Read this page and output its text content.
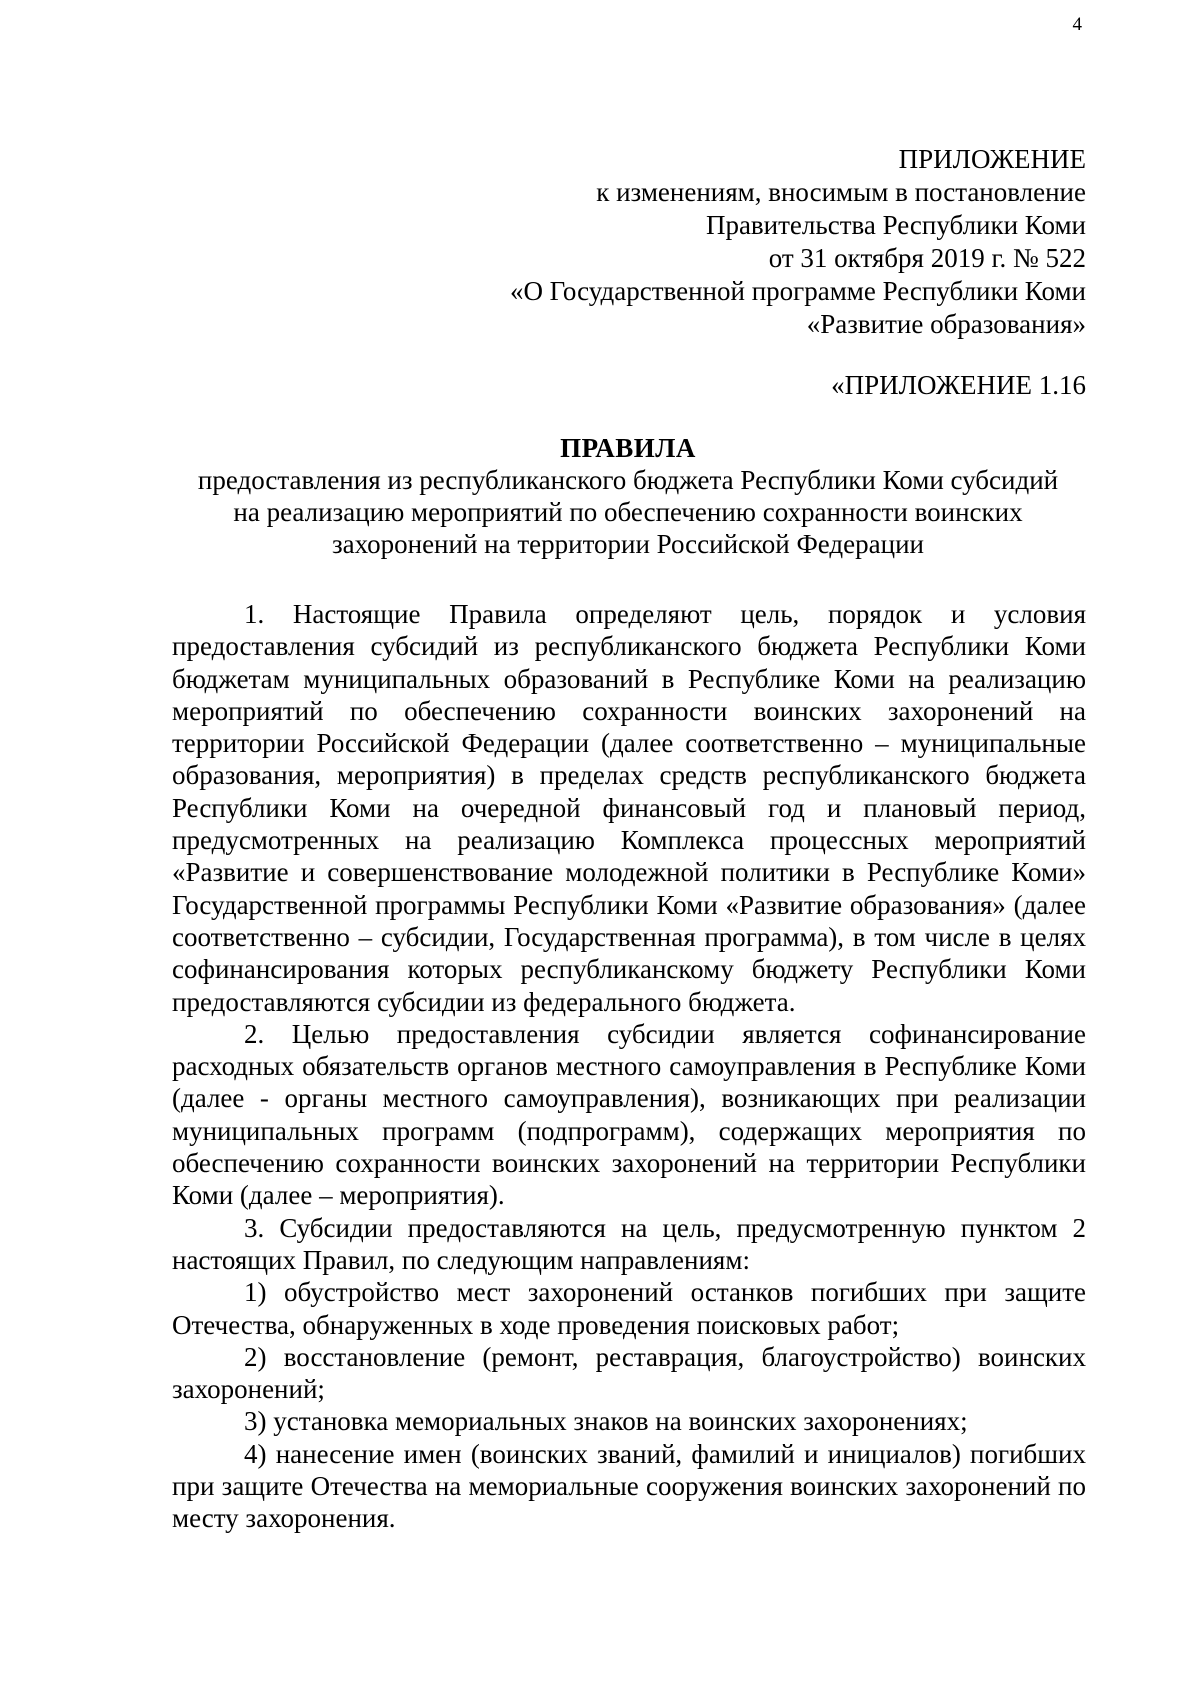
4
ПРИЛОЖЕНИЕ
к изменениям, вносимым в постановление
Правительства Республики Коми
от 31 октября 2019 г. № 522
«О Государственной программе Республики Коми
«Развитие образования»
«ПРИЛОЖЕНИЕ 1.16
ПРАВИЛА
предоставления из республиканского бюджета Республики Коми субсидий
на реализацию мероприятий по обеспечению сохранности воинских
захоронений на территории Российской Федерации

1. Настоящие Правила определяют цель, порядок и условия предоставления субсидий из республиканского бюджета Республики Коми бюджетам муниципальных образований в Республике Коми на реализацию мероприятий по обеспечению сохранности воинских захоронений на территории Российской Федерации (далее соответственно – муниципальные образования, мероприятия) в пределах средств республиканского бюджета Республики Коми на очередной финансовый год и плановый период, предусмотренных на реализацию Комплекса процессных мероприятий «Развитие и совершенствование молодежной политики в Республике Коми» Государственной программы Республики Коми «Развитие образования» (далее соответственно – субсидии, Государственная программа), в том числе в целях софинансирования которых республиканскому бюджету Республики Коми предоставляются субсидии из федерального бюджета.

2. Целью предоставления субсидии является софинансирование расходных обязательств органов местного самоуправления в Республике Коми (далее - органы местного самоуправления), возникающих при реализации муниципальных программ (подпрограмм), содержащих мероприятия по обеспечению сохранности воинских захоронений на территории Республики Коми (далее – мероприятия).

3. Субсидии предоставляются на цель, предусмотренную пунктом 2 настоящих Правил, по следующим направлениям:

1) обустройство мест захоронений останков погибших при защите Отечества, обнаруженных в ходе проведения поисковых работ;

2) восстановление (ремонт, реставрация, благоустройство) воинских захоронений;

3) установка мемориальных знаков на воинских захоронениях;

4) нанесение имен (воинских званий, фамилий и инициалов) погибших при защите Отечества на мемориальные сооружения воинских захоронений по месту захоронения.
